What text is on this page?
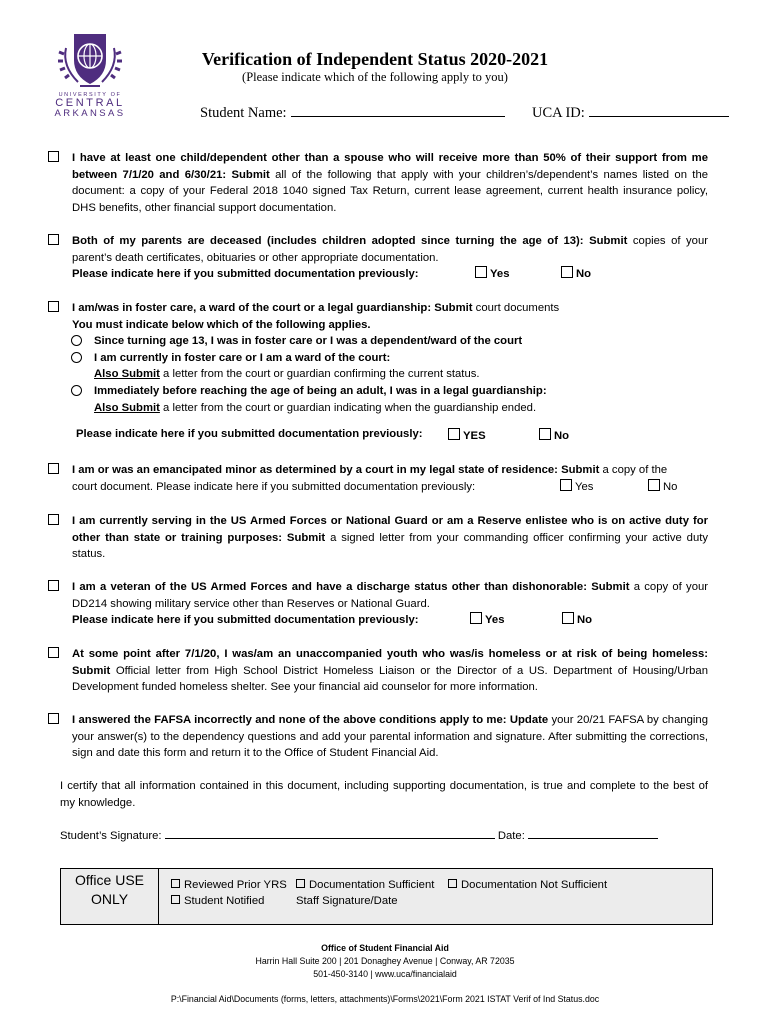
UNIVERSITY OF
CENTRAL
ARKANSAS
Verification of Independent Status 2020-2021
(Please indicate which of the following apply to you)
Student Name:	UCA ID:
I have at least one child/dependent other than a spouse who will receive more than 50% of their support from me between 7/1/20 and 6/30/21: Submit all of the following that apply with your children’s/dependent’s names listed on the document: a copy of your Federal 2018 1040 signed Tax Return, current lease agreement, current health insurance policy, DHS benefits, other financial support documentation.
Both of my parents are deceased (includes children adopted since turning the age of 13): Submit copies of your parent’s death certificates, obituaries or other appropriate documentation.
Please indicate here if you submitted documentation previously:	Yes	No
I am/was in foster care, a ward of the court or a legal guardianship: Submit court documents
You must indicate below which of the following applies.
Since turning age 13, I was in foster care or I was a dependent/ward of the court
I am currently in foster care or I am a ward of the court:
Also Submit a letter from the court or guardian confirming the current status.
Immediately before reaching the age of being an adult, I was in a legal guardianship:
Also Submit a letter from the court or guardian indicating when the guardianship ended.
Please indicate here if you submitted documentation previously:	YES	No
I am or was an emancipated minor as determined by a court in my legal state of residence: Submit a copy of the
court document. Please indicate here if you submitted documentation previously:	Yes	No
I am currently serving in the US Armed Forces or National Guard or am a Reserve enlistee who is on active duty for other than state or training purposes: Submit a signed letter from your commanding officer confirming your active duty status.
I am a veteran of the US Armed Forces and have a discharge status other than dishonorable: Submit a copy of your DD214 showing military service other than Reserves or National Guard.
Please indicate here if you submitted documentation previously:	Yes	No
At some point after 7/1/20, I was/am an unaccompanied youth who was/is homeless or at risk of being homeless: Submit Official letter from High School District Homeless Liaison or the Director of a US. Department of Housing/Urban Development funded homeless shelter. See your financial aid counselor for more information.
I answered the FAFSA incorrectly and none of the above conditions apply to me: Update your 20/21 FAFSA by changing your answer(s) to the dependency questions and add your parental information and signature. After submitting the corrections, sign and date this form and return it to the Office of Student Financial Aid.
I certify that all information contained in this document, including supporting documentation, is true and complete to the best of my knowledge.
Student’s Signature:	Date:
Office USE
ONLY
Reviewed Prior YRS
Student Notified
Documentation Sufficient
Staff Signature/Date
Documentation Not Sufficient
Office of Student Financial Aid
Harrin Hall Suite 200 | 201 Donaghey Avenue | Conway, AR 72035
501-450-3140 | www.uca/financialaid
P:\Financial Aid\Documents (forms, letters, attachments)\Forms\2021\Form 2021 ISTAT Verif of Ind Status.doc
